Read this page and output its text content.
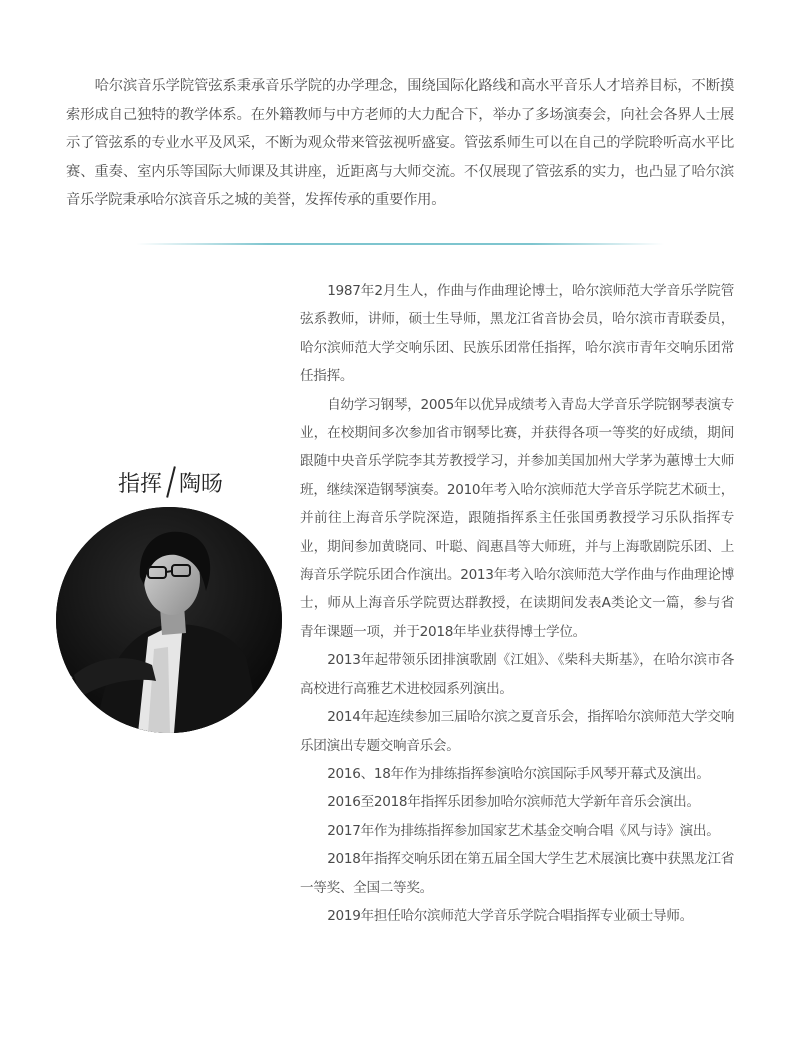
哈尔滨音乐学院管弦系秉承音乐学院的办学理念，围绕国际化路线和高水平音乐人才培养目标，不断摸索形成自己独特的教学体系。在外籍教师与中方老师的大力配合下，举办了多场演奏会，向社会各界人士展示了管弦系的专业水平及风采，不断为观众带来管弦视听盛宴。管弦系师生可以在自己的学院聆听高水平比赛、重奏、室内乐等国际大师课及其讲座，近距离与大师交流。不仅展现了管弦系的实力，也凸显了哈尔滨音乐学院秉承哈尔滨音乐之城的美誉，发挥传承的重要作用。

指挥 陶旸

1987年2月生人，作曲与作曲理论博士，哈尔滨师范大学音乐学院管弦系教师，讲师，硕士生导师，黑龙江省音协会员，哈尔滨市青联委员，哈尔滨师范大学交响乐团、民族乐团常任指挥，哈尔滨市青年交响乐团常任指挥。

自幼学习钢琴，2005年以优异成绩考入青岛大学音乐学院钢琴表演专业，在校期间多次参加省市钢琴比赛，并获得各项一等奖的好成绩，期间跟随中央音乐学院李其芳教授学习，并参加美国加州大学茅为蕙博士大师班，继续深造钢琴演奏。2010年考入哈尔滨师范大学音乐学院艺术硕士，并前往上海音乐学院深造，跟随指挥系主任张国勇教授学习乐队指挥专业，期间参加黄晓同、叶聪、阎惠昌等大师班，并与上海歌剧院乐团、上海音乐学院乐团合作演出。2013年考入哈尔滨师范大学作曲与作曲理论博士，师从上海音乐学院贾达群教授，在读期间发表A类论文一篇，参与省青年课题一项，并于2018年毕业获得博士学位。

2013年起带领乐团排演歌剧《江姐》、《柴科夫斯基》，在哈尔滨市各高校进行高雅艺术进校园系列演出。

2014年起连续参加三届哈尔滨之夏音乐会，指挥哈尔滨师范大学交响乐团演出专题交响音乐会。

2016、18年作为排练指挥参演哈尔滨国际手风琴开幕式及演出。

2016至2018年指挥乐团参加哈尔滨师范大学新年音乐会演出。

2017年作为排练指挥参加国家艺术基金交响合唱《风与诗》演出。

2018年指挥交响乐团在第五届全国大学生艺术展演比赛中获黑龙江省一等奖、全国二等奖。

2019年担任哈尔滨师范大学音乐学院合唱指挥专业硕士导师。
